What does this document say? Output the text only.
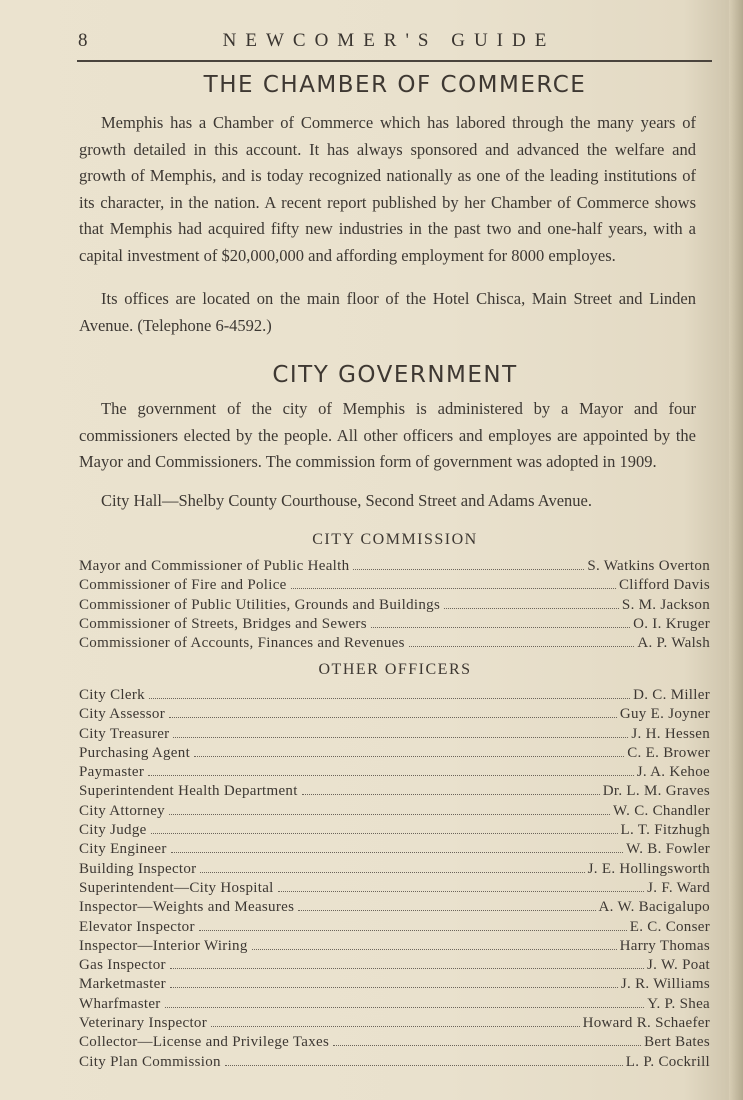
8	NEWCOMER'S GUIDE
THE CHAMBER OF COMMERCE

Memphis has a Chamber of Commerce which has labored through the many years of growth detailed in this account. It has always sponsored and advanced the welfare and growth of Memphis, and is today recognized nationally as one of the leading institutions of its character, in the nation. A recent report published by her Chamber of Commerce shows that Memphis had acquired fifty new industries in the past two and one-half years, with a capital investment of $20,000,000 and affording employment for 8000 employes.

Its offices are located on the main floor of the Hotel Chisca, Main Street and Linden Avenue. (Telephone 6-4592.)

CITY GOVERNMENT

The government of the city of Memphis is administered by a Mayor and four commissioners elected by the people. All other officers and employes are appointed by the Mayor and Commissioners. The commission form of government was adopted in 1909.

City Hall—Shelby County Courthouse, Second Street and Adams Avenue.

CITY COMMISSION
Mayor and Commissioner of Public Health	S. Watkins Overton
Commissioner of Fire and Police	Clifford Davis
Commissioner of Public Utilities, Grounds and Buildings	S. M. Jackson
Commissioner of Streets, Bridges and Sewers	O. I. Kruger
Commissioner of Accounts, Finances and Revenues	A. P. Walsh
OTHER OFFICERS
City Clerk	D. C. Miller
City Assessor	Guy E. Joyner
City Treasurer	J. H. Hessen
Purchasing Agent	C. E. Brower
Paymaster	J. A. Kehoe
Superintendent Health Department	Dr. L. M. Graves
City Attorney	W. C. Chandler
City Judge	L. T. Fitzhugh
City Engineer	W. B. Fowler
Building Inspector	J. E. Hollingsworth
Superintendent—City Hospital	J. F. Ward
Inspector—Weights and Measures	A. W. Bacigalupo
Elevator Inspector	E. C. Conser
Inspector—Interior Wiring	Harry Thomas
Gas Inspector	J. W. Poat
Marketmaster	J. R. Williams
Wharfmaster	Y. P. Shea
Veterinary Inspector	Howard R. Schaefer
Collector—License and Privilege Taxes	Bert Bates
City Plan Commission	L. P. Cockrill
